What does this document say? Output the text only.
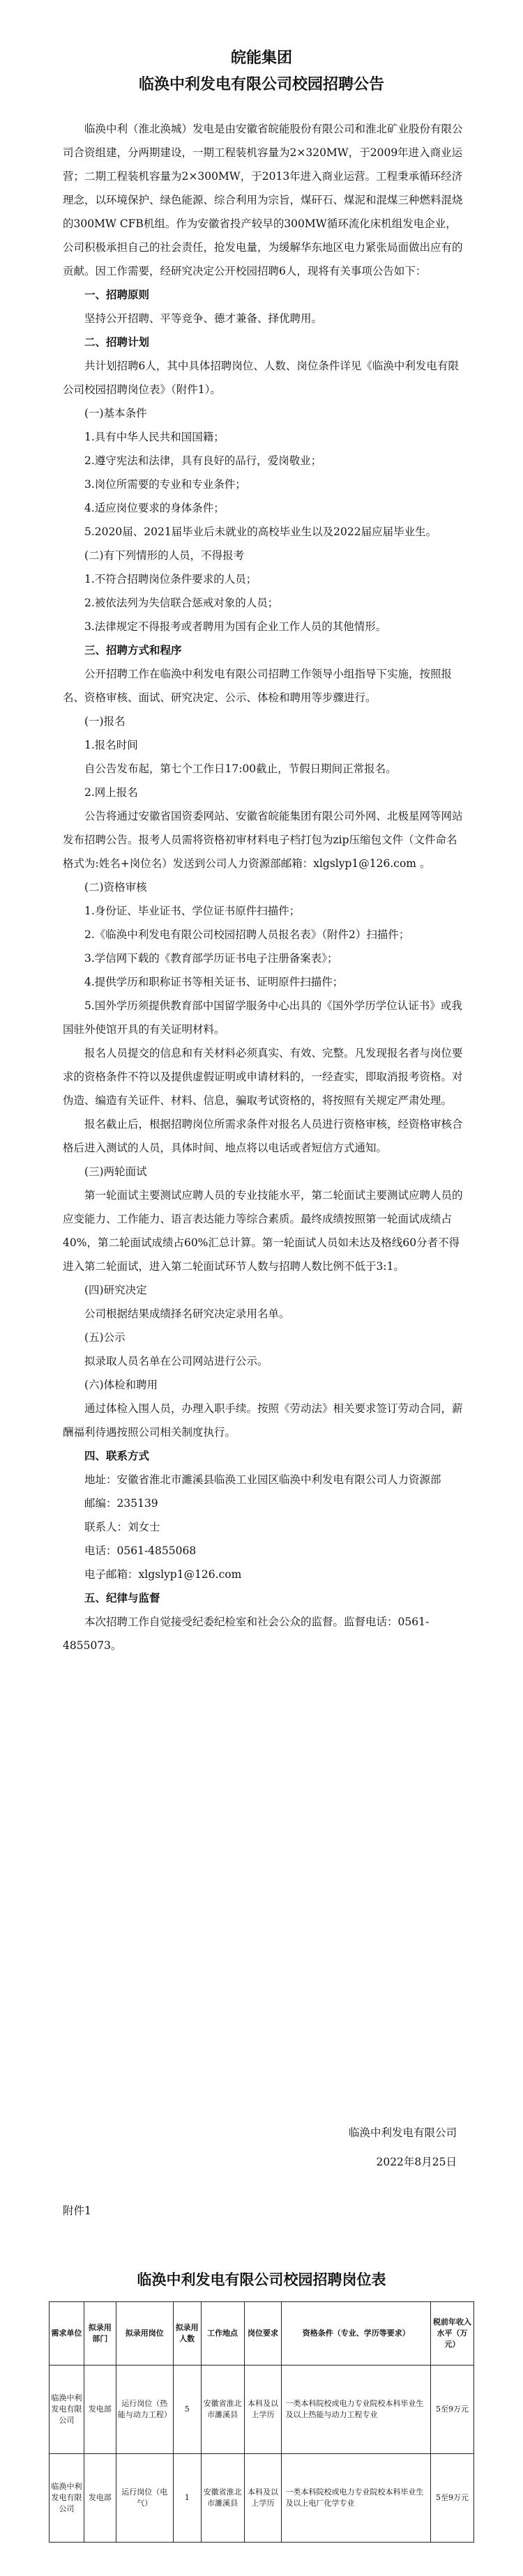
皖能集团
临涣中利发电有限公司校园招聘公告

临涣中利（淮北涣城）发电是由安徽省皖能股份有限公司和淮北矿业股份有限公司合资组建，分两期建设，一期工程装机容量为2×320MW，于2009年进入商业运营；二期工程装机容量为2×300MW，于2013年进入商业运营。工程秉承循环经济理念，以环境保护、绿色能源、综合利用为宗旨，煤矸石、煤泥和混煤三种燃料混烧的300MW CFB机组。作为安徽省投产较早的300MW循环流化床机组发电企业，公司积极承担自己的社会责任，抢发电量，为缓解华东地区电力紧张局面做出应有的贡献。因工作需要，经研究决定公开校园招聘6人，现将有关事项公告如下：

一、招聘原则

坚持公开招聘、平等竞争、德才兼备、择优聘用。

二、招聘计划

共计划招聘6人，其中具体招聘岗位、人数、岗位条件详见《临涣中利发电有限公司校园招聘岗位表》（附件1）。

(一)基本条件

1.具有中华人民共和国国籍；

2.遵守宪法和法律，具有良好的品行，爱岗敬业；

3.岗位所需要的专业和专业条件；

4.适应岗位要求的身体条件；

5.2020届、2021届毕业后未就业的高校毕业生以及2022届应届毕业生。

(二)有下列情形的人员，不得报考

1.不符合招聘岗位条件要求的人员；

2.被依法列为失信联合惩戒对象的人员；

3.法律规定不得报考或者聘用为国有企业工作人员的其他情形。

三、招聘方式和程序

公开招聘工作在临涣中利发电有限公司招聘工作领导小组指导下实施，按照报名、资格审核、面试、研究决定、公示、体检和聘用等步骤进行。

(一)报名

1.报名时间

自公告发布起，第七个工作日17:00截止，节假日期间正常报名。

2.网上报名

公告将通过安徽省国资委网站、安徽省皖能集团有限公司外网、北极星网等网站发布招聘公告。报考人员需将资格初审材料电子档打包为zip压缩包文件（文件命名格式为:姓名+岗位名）发送到公司人力资源部邮箱：xlgslyp1@126.com 。

(二)资格审核

1.身份证、毕业证书、学位证书原件扫描件；

2.《临涣中利发电有限公司校园招聘人员报名表》（附件2）扫描件；

3.学信网下载的《教育部学历证书电子注册备案表》；

4.提供学历和职称证书等相关证书、证明原件扫描件；

5.国外学历须提供教育部中国留学服务中心出具的《国外学历学位认证书》或我国驻外使馆开具的有关证明材料。

报名人员提交的信息和有关材料必须真实、有效、完整。凡发现报名者与岗位要求的资格条件不符以及提供虚假证明或申请材料的，一经查实，即取消报考资格。对伪造、编造有关证件、材料、信息，骗取考试资格的，将按照有关规定严肃处理。

报名截止后，根据招聘岗位所需求条件对报名人员进行资格审核，经资格审核合格后进入测试的人员，具体时间、地点将以电话或者短信方式通知。

(三)两轮面试

第一轮面试主要测试应聘人员的专业技能水平，第二轮面试主要测试应聘人员的应变能力、工作能力、语言表达能力等综合素质。最终成绩按照第一轮面试成绩占40%，第二轮面试成绩占60%汇总计算。第一轮面试人员如未达及格线60分者不得进入第二轮面试，进入第二轮面试环节人数与招聘人数比例不低于3:1。

(四)研究决定

公司根据结果成绩择名研究决定录用名单。

(五)公示

拟录取人员名单在公司网站进行公示。

(六)体检和聘用

通过体检入围人员，办理入职手续。按照《劳动法》相关要求签订劳动合同，薪酬福利待遇按照公司相关制度执行。

四、联系方式

地址：安徽省淮北市濉溪县临涣工业园区临涣中利发电有限公司人力资源部

邮编：235139

联系人：刘女士

电话：0561-4855068

电子邮箱：xlgslyp1@126.com

五、纪律与监督

本次招聘工作自觉接受纪委纪检室和社会公众的监督。监督电话：0561-4855073。

临涣中利发电有限公司
2022年8月25日
附件1
临涣中利发电有限公司校园招聘岗位表
需求单位	拟录用部门	拟录用岗位	拟录用人数	工作地点	岗位要求	资格条件（专业、学历等要求）	税前年收入水平（万元）
临涣中利发电有限公司	发电部	运行岗位（热能与动力工程）	5	安徽省淮北市濉溪县	本科及以上学历	一类本科院校或电力专业院校本科毕业生及以上热能与动力工程专业	5至9万元
临涣中利发电有限公司	发电部	运行岗位（电气）	1	安徽省淮北市濉溪县	本科及以上学历	一类本科院校或电力专业院校本科毕业生及以上电厂化学专业	5至9万元
